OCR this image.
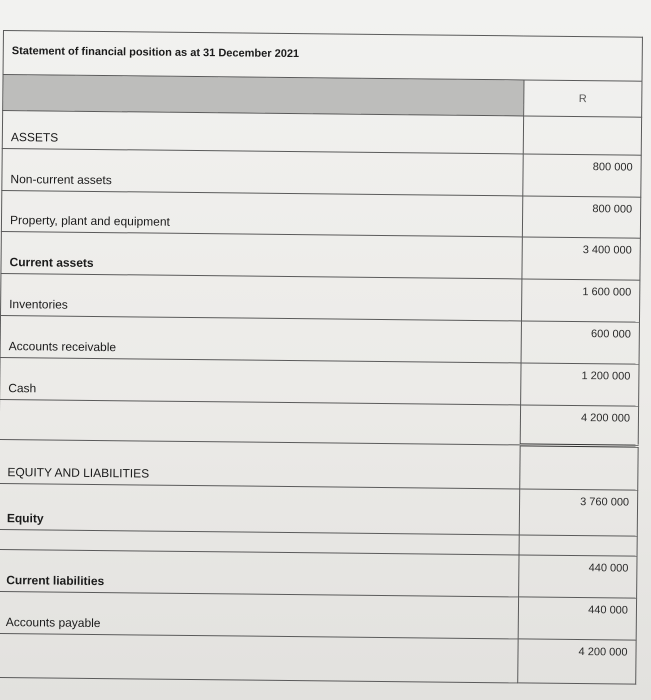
Statement of financial position as at 31 December 2021	
	R
ASSETS	
Non-current assets	800 000
Property, plant and equipment	800 000
Current assets	3 400 000
Inventories	1 600 000
Accounts receivable	600 000
Cash	1 200 000
	4 200 000
EQUITY AND LIABILITIES	
Equity	3 760 000

Current liabilities	440 000
Accounts payable	440 000
	4 200 000
